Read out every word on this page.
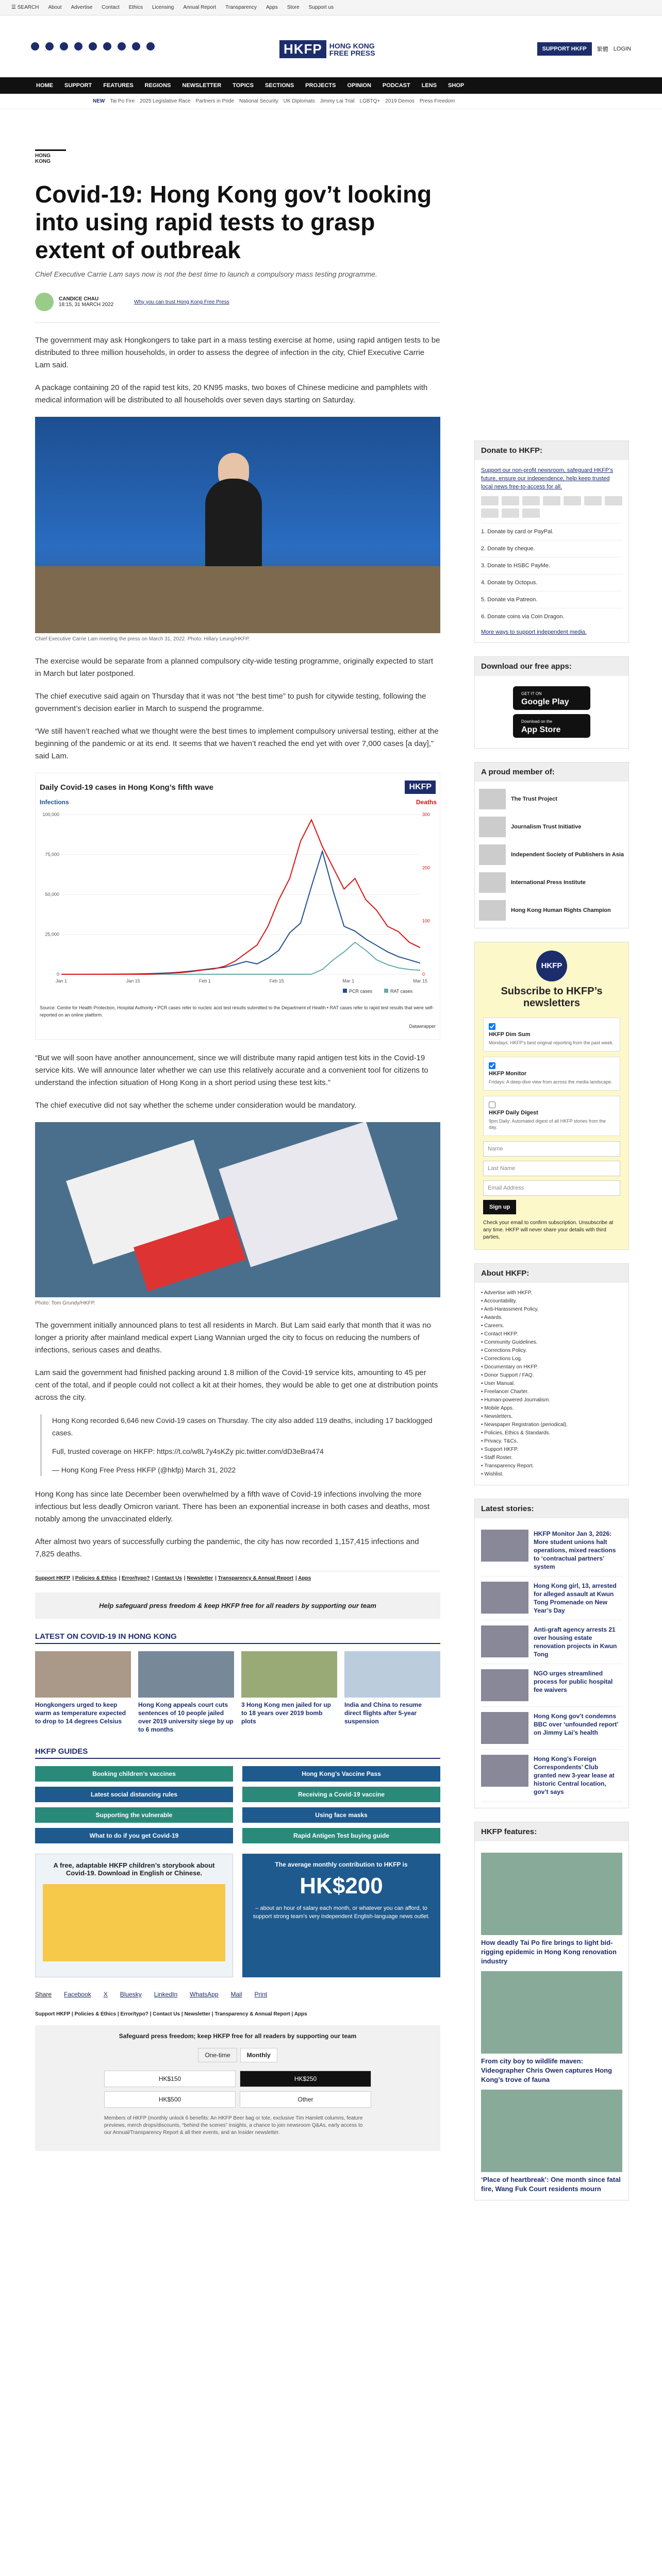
☰ SEARCH About Advertise Contact Ethics Licensing Annual Report Transparency Apps Store Support us
HKFP	HONG KONG
FREE PRESS	SUPPORT HKFP	繁體 LOGIN
HOME SUPPORT FEATURES REGIONS NEWSLETTER TOPICS SECTIONS PROJECTS OPINION PODCAST LENS SHOP
NEW Tai Po Fire 2025 Legislative Race Partners in Pride National Security UK Diplomats Jimmy Lai Trial LGBTQ+ 2019 Demos Press Freedom
HONG KONG
Covid-19: Hong Kong gov’t looking into using rapid tests to grasp extent of outbreak
Chief Executive Carrie Lam says now is not the best time to launch a compulsory mass testing programme.
CANDICE CHAU
18:15, 31 MARCH 2022	Why you can trust Hong Kong Free Press

The government may ask Hongkongers to take part in a mass testing exercise at home, using rapid antigen tests to be distributed to three million households, in order to assess the degree of infection in the city, Chief Executive Carrie Lam said.

A package containing 20 of the rapid test kits, 20 KN95 masks, two boxes of Chinese medicine and pamphlets with medical information will be distributed to all households over seven days starting on Saturday.

Chief Executive Carrie Lam meeting the press on March 31, 2022. Photo: Hillary Leung/HKFP.

The exercise would be separate from a planned compulsory city-wide testing programme, originally expected to start in March but later postponed.

The chief executive said again on Thursday that it was not “the best time” to push for citywide testing, following the government’s decision earlier in March to suspend the programme.

“We still haven’t reached what we thought were the best times to implement compulsory universal testing, either at the beginning of the pandemic or at its end. It seems that we haven’t reached the end yet with over 7,000 cases [a day],” said Lam.

Daily Covid-19 cases in Hong Kong’s fifth wave	HKFP
Infections	Deaths
100,000
75,000
50,000
25,000
0
300
200
100
0
Jan 1	Jan 15	Feb 1	Feb 15	Mar 1	Mar 15
PCR cases	RAT cases
Source: Centre for Health Protection, Hospital Authority • PCR cases refer to nucleic acid test results submitted to the Department of Health • RAT cases refer to rapid test results that were self-reported on an online platform.
Datawrapper

“But we will soon have another announcement, since we will distribute many rapid antigen test kits in the Covid-19 service kits. We will announce later whether we can use this relatively accurate and a convenient tool for citizens to understand the infection situation of Hong Kong in a short period using these test kits.”

The chief executive did not say whether the scheme under consideration would be mandatory.

Photo: Tom Grundy/HKFP.

The government initially announced plans to test all residents in March. But Lam said early that month that it was no longer a priority after mainland medical expert Liang Wannian urged the city to focus on reducing the numbers of infections, serious cases and deaths.

Lam said the government had finished packing around 1.8 million of the Covid-19 service kits, amounting to 45 per cent of the total, and if people could not collect a kit at their homes, they would be able to get one at distribution points across the city.

Hong Kong recorded 6,646 new Covid-19 cases on Thursday. The city also added 119 deaths, including 17 backlogged cases.

Full, trusted coverage on HKFP: https://t.co/w8L7y4sKZy pic.twitter.com/dD3eBra474

— Hong Kong Free Press HKFP (@hkfp) March 31, 2022

Hong Kong has since late December been overwhelmed by a fifth wave of Covid-19 infections involving the more infectious but less deadly Omicron variant. There has been an exponential increase in both cases and deaths, most notably among the unvaccinated elderly.

After almost two years of successfully curbing the pandemic, the city has now recorded 1,157,415 infections and 7,825 deaths.

Support HKFP | Policies & Ethics | Error/typo? | Contact Us | Newsletter | Transparency & Annual Report | Apps
Help safeguard press freedom & keep HKFP free for all readers by supporting our team
LATEST ON COVID-19 IN HONG KONG
Hongkongers urged to keep warm as temperature expected to drop to 14 degrees Celsius
Hong Kong appeals court cuts sentences of 10 people jailed over 2019 university siege by up to 6 months
3 Hong Kong men jailed for up to 18 years over 2019 bomb plots
India and China to resume direct flights after 5-year suspension
HKFP GUIDES
Booking children’s vaccines	Hong Kong’s Vaccine Pass
Latest social distancing rules	Receiving a Covid-19 vaccine
Supporting the vulnerable	Using face masks
What to do if you get Covid-19	Rapid Antigen Test buying guide
A free, adaptable HKFP children’s storybook about Covid-19. Download in English or Chinese.
The average monthly contribution to HKFP is
HK$200
– about an hour of salary each month, or whatever you can afford, to support strong team’s very independent English-language news outlet.
Share Facebook X Bluesky LinkedIn WhatsApp Mail Print
Support HKFP | Policies & Ethics | Error/typo? | Contact Us | Newsletter | Transparency & Annual Report | Apps
Safeguard press freedom; keep HKFP free for all readers by supporting our team
One-time	Monthly
HK$150	HK$250
HK$500	Other
Members of HKFP (monthly unlock 6 benefits: An HKFP Beer bag or tote, exclusive Tim Hamlett columns, feature previews, merch drops/discounts, “behind the scenes” insights, a chance to join newsroom Q&As, early access to our Annual/Transparency Report & all their events, and an Insider newsletter.
Donate to HKFP:
Support our non-profit newsroom, safeguard HKFP’s future, ensure our independence, help keep trusted local news free-to-access for all.
1. Donate by card or PayPal.
2. Donate by cheque.
3. Donate to HSBC PayMe.
4. Donate by Octopus.
5. Donate via Patreon.
6. Donate coins via Coin Dragon.
More ways to support independent media.
Download our free apps:
GET IT ON
Google Play
Download on the
App Store
A proud member of:
The Trust Project
Journalism Trust Initiative
Independent Society of Publishers in Asia
International Press Institute
Hong Kong Human Rights Champion
HKFP
Subscribe to HKFP’s newsletters
HKFP Dim Sum
Mondays: HKFP’s best original reporting from the past week.
HKFP Monitor
Fridays: A deep-dive view from across the media landscape.
HKFP Daily Digest
9pm Daily: Automated digest of all HKFP stories from the day.
Name
Last Name
Email Address
Sign up
Check your email to confirm subscription. Unsubscribe at any time. HKFP will never share your details with third parties.
About HKFP:
• Advertise with HKFP.
• Accountability.
• Anti-Harassment Policy.
• Awards.
• Careers.
• Contact HKFP.
• Community Guidelines.
• Corrections Policy.
• Corrections Log.
• Documentary on HKFP.
• Donor Support / FAQ.
• User Manual.
• Freelancer Charter.
• Human-powered Journalism.
• Mobile Apps.
• Newsletters.
• Newspaper Registration (periodical).
• Policies, Ethics & Standards.
• Privacy. T&Cs.
• Support HKFP.
• Staff Roster.
• Transparency Report.
• Wishlist.
Latest stories:
HKFP Monitor Jan 3, 2026: More student unions halt operations, mixed reactions to ‘contractual partners’ system
Hong Kong girl, 13, arrested for alleged assault at Kwun Tong Promenade on New Year’s Day
Anti-graft agency arrests 21 over housing estate renovation projects in Kwun Tong
NGO urges streamlined process for public hospital fee waivers
Hong Kong gov’t condemns BBC over ‘unfounded report’ on Jimmy Lai’s health
Hong Kong’s Foreign Correspondents’ Club granted new 3-year lease at historic Central location, gov’t says
HKFP features:
How deadly Tai Po fire brings to light bid-rigging epidemic in Hong Kong renovation industry
From city boy to wildlife maven: Videographer Chris Owen captures Hong Kong’s trove of fauna
‘Place of heartbreak’: One month since fatal fire, Wang Fuk Court residents mourn
